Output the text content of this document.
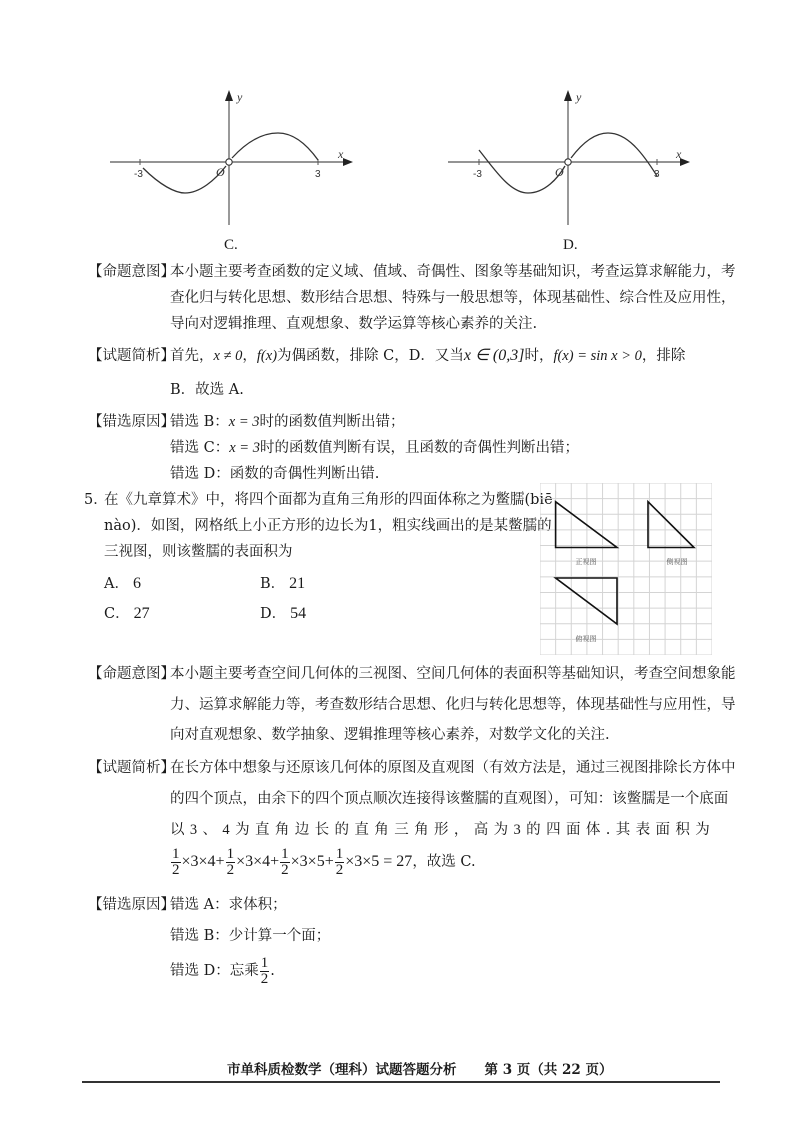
y
x
O
-3	3
C.
y
x
O
-3	3
D.
【命题意图】
本小题主要考查函数的定义域、值域、奇偶性、图象等基础知识，考查运算求解能力，考
查化归与转化思想、数形结合思想、特殊与一般思想等，体现基础性、综合性及应用性，
导向对逻辑推理、直观想象、数学运算等核心素养的关注.
【试题简析】
首先，x ≠ 0，f(x)为偶函数，排除 C，D．又当x ∈ (0,3]时，f(x) = sin x > 0，排除
B．故选 A.
【错选原因】
错选 B：x = 3时的函数值判断出错；
错选 C：x = 3时的函数值判断有误，且函数的奇偶性判断出错；
错选 D：函数的奇偶性判断出错.
5．
在《九章算术》中，将四个面都为直角三角形的四面体称之为鳖臑(biē
nào)．如图，网格纸上小正方形的边长为1，粗实线画出的是某鳖臑的
三视图，则该鳖臑的表面积为
A． 6	B． 21
C． 27	D． 54
正视图	侧视图
俯视图
【命题意图】
本小题主要考查空间几何体的三视图、空间几何体的表面积等基础知识，考查空间想象能
力、运算求解能力等，考查数形结合思想、化归与转化思想等，体现基础性与应用性，导
向对直观想象、数学抽象、逻辑推理等核心素养，对数学文化的关注.
【试题简析】
在长方体中想象与还原该几何体的原图及直观图（有效方法是，通过三视图排除长方体中
的四个顶点，由余下的四个顶点顺次连接得该鳖臑的直观图），可知：该鳖臑是一个底面
以 3 、 4 为 直 角 边 长 的 直 角 三 角 形 ， 高 为 3 的 四 面 体 . 其 表 面 积 为
$\frac{1}{2} \times 3\times 4+ \frac{1}{2} \times 3\times 4+ \frac{1}{2} \times 3\times 5+ \frac{1}{2} \times 3\times 5 = 27$，故选 C.
【错选原因】
错选 A：求体积；
错选 B：少计算一个面；
错选 D：忘乘 $\frac{1}{2}$ .
市单科质检数学（理科）试题答题分析 第 3 页（共 22 页）
